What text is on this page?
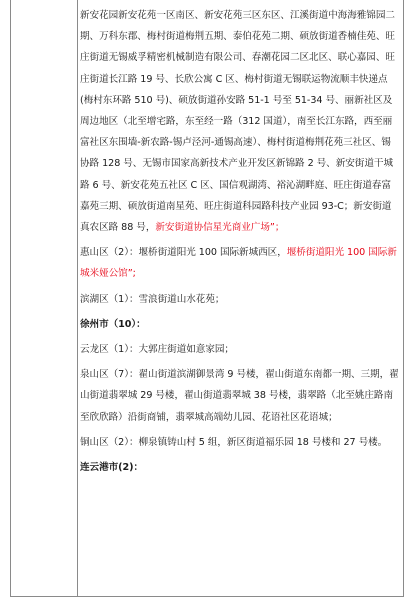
新安花园新安花苑一区南区、新安花苑三区东区、江溪街道中海海雅锦园二期、万科东郡、梅村街道梅荆五期、泰伯花苑二期、硕放街道香楠佳苑、旺庄街道无锡威孚精密机械制造有限公司、春潮花园二区北区、联心嘉园、旺庄街道长江路 19 号、长欣公寓 C 区、梅村街道无锡联运物流顺丰快递点(梅村东环路 510 号)、硕放街道孙安路 51-1 号至 51-34 号、丽新社区及周边地区（北至增宅路，东至经一路（312 国道），南至长江东路，西至丽富社区东围墙-新农路-锡卢泾河-通锡高速）、梅村街道梅荆花苑三社区、锡协路 128 号、无锡市国家高新技术产业开发区新锦路 2 号、新安街道干城路 6 号、新安花苑五社区 C 区、国信观湖湾、裕沁湖畔庭、旺庄街道春富嘉苑三期、硕放街道南星苑、旺庄街道科园路科技产业园 93-C；新安街道真农区路 88 号，新安街道协信星光商业广场”；

惠山区（2）：堰桥街道阳光 100 国际新城西区，堰桥街道阳光 100 国际新城米娅公馆”;

滨湖区（1）：雪浪街道山水花苑；

徐州市（10）：

云龙区（1）：大郭庄街道如意家园；

泉山区（7）：翟山街道滨湖御景湾 9 号楼，翟山街道东南都一期、三期，翟山街道翡翠城 29 号楼，翟山街道翡翠城 38 号楼，翡翠路（北至姚庄路南至欣欣路）沿街商铺，翡翠城高端幼儿园、花语社区花语城；

铜山区（2）：柳泉镇铸山村 5 组，新区街道福乐园 18 号楼和 27 号楼。

连云港市(2)：
